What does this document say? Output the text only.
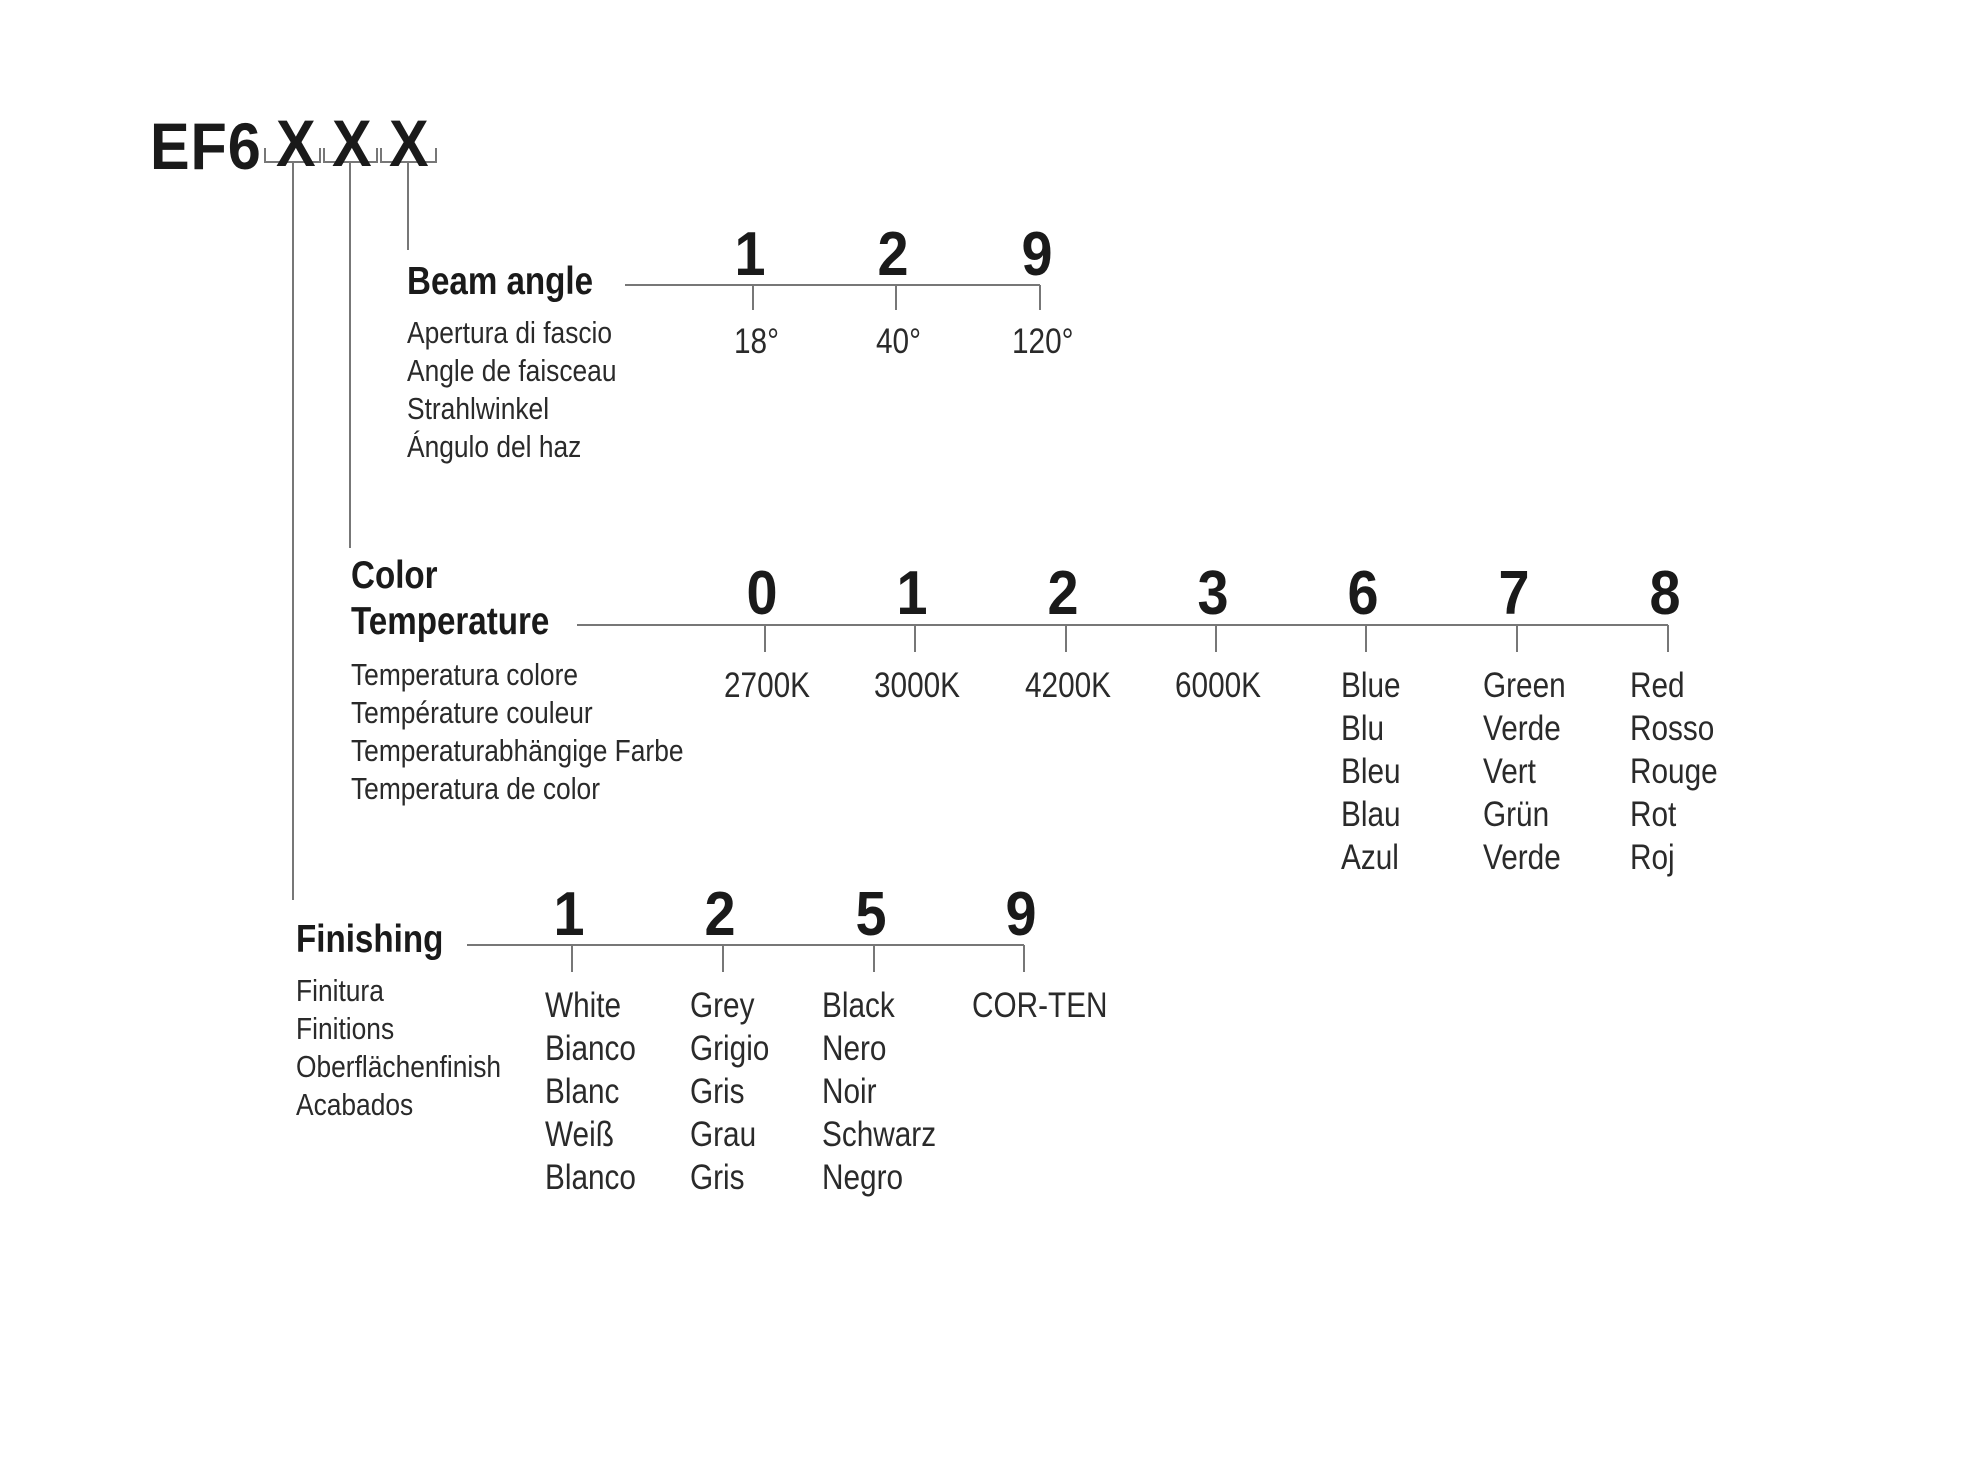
EF6 X X X
Beam angle
Apertura di fascio
Angle de faisceau
Strahlwinkel
Ángulo del haz
1 2 9
18°	40°	120°
Color
Temperature
Temperatura colore
Température couleur
Temperaturabhängige Farbe
Temperatura de color
0 1 2 3 6 7 8
2700K 3000K 4200K 6000K Blue
Blu
Bleu
Blau
Azul
Green
Verde
Vert
Grün
Verde
Red
Rosso
Rouge
Rot
Roj
Finishing
Finitura
Finitions
Oberflächenfinish
Acabados
1 2 5 9
White
Bianco
Blanc
Weiß
Blanco
Grey
Grigio
Gris
Grau
Gris
Black
Nero
Noir
Schwarz
Negro
COR-TEN
